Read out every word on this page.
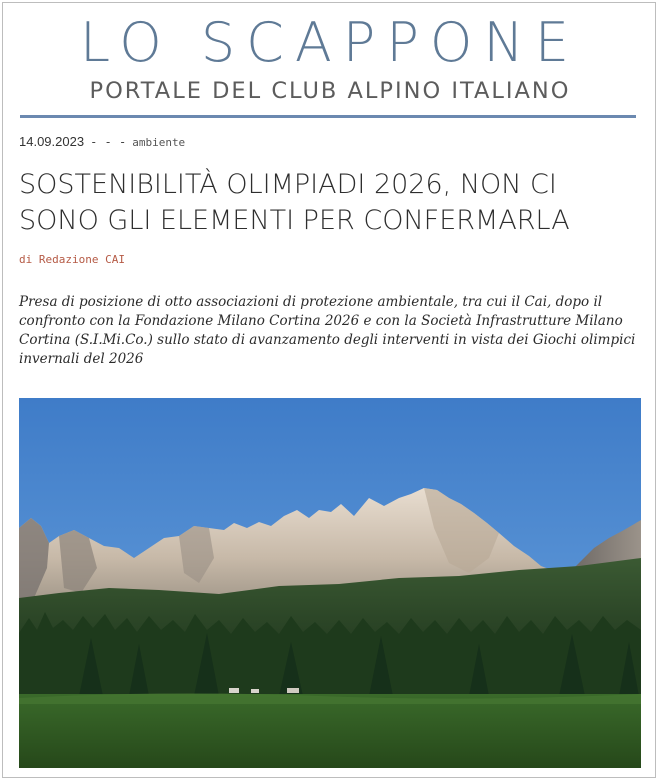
LO SCAPPONE
PORTALE DEL CLUB ALPINO ITALIANO
14.09.2023 - - - ambiente
SOSTENIBILITÀ OLIMPIADI 2026, NON CI SONO GLI ELEMENTI PER CONFERMARLA
di Redazione CAI

Presa di posizione di otto associazioni di protezione ambientale, tra cui il Cai, dopo il confronto con la Fondazione Milano Cortina 2026 e con la Società Infrastrutture Milano Cortina (S.I.Mi.Co.) sullo stato di avanzamento degli interventi in vista dei Giochi olimpici invernali del 2026
